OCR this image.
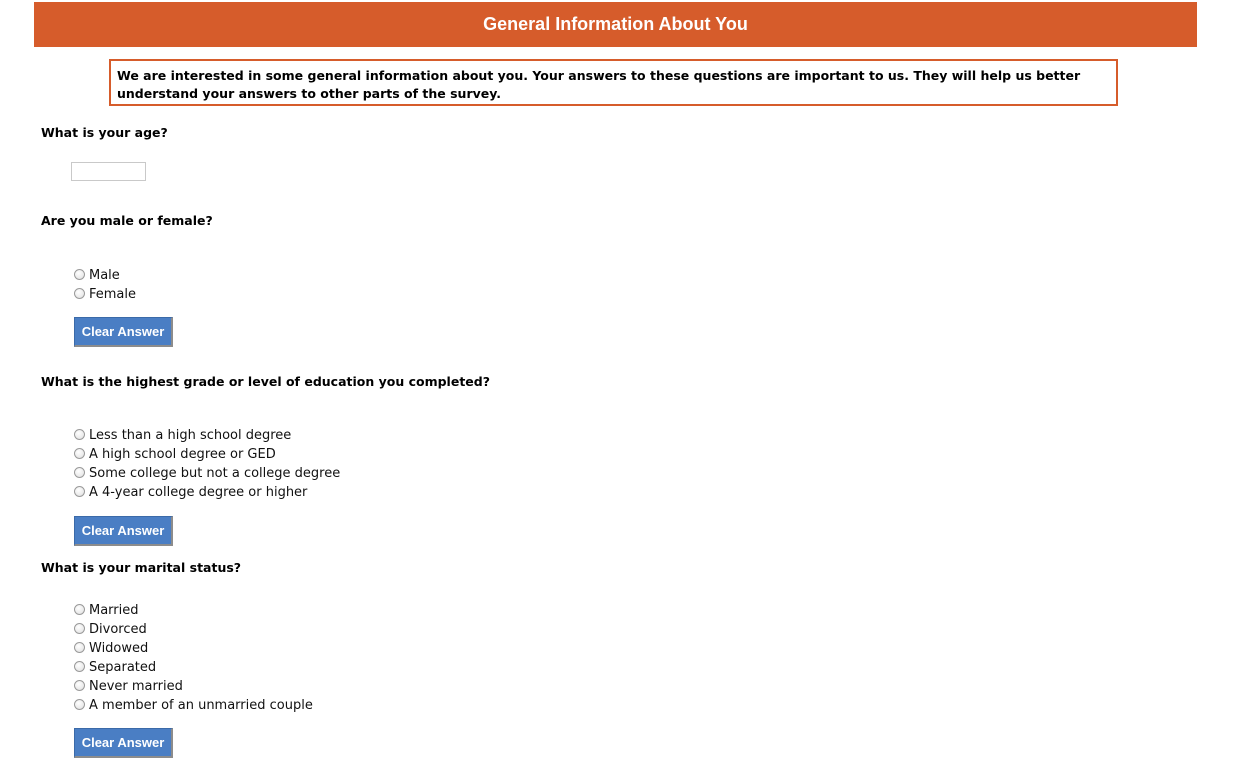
General Information About You
We are interested in some general information about you. Your answers to these questions are important to us. They will help us better understand your answers to other parts of the survey.
What is your age?
Are you male or female?
Male
Female
Clear Answer
What is the highest grade or level of education you completed?
Less than a high school degree
A high school degree or GED
Some college but not a college degree
A 4-year college degree or higher
Clear Answer
What is your marital status?
Married
Divorced
Widowed
Separated
Never married
A member of an unmarried couple
Clear Answer
